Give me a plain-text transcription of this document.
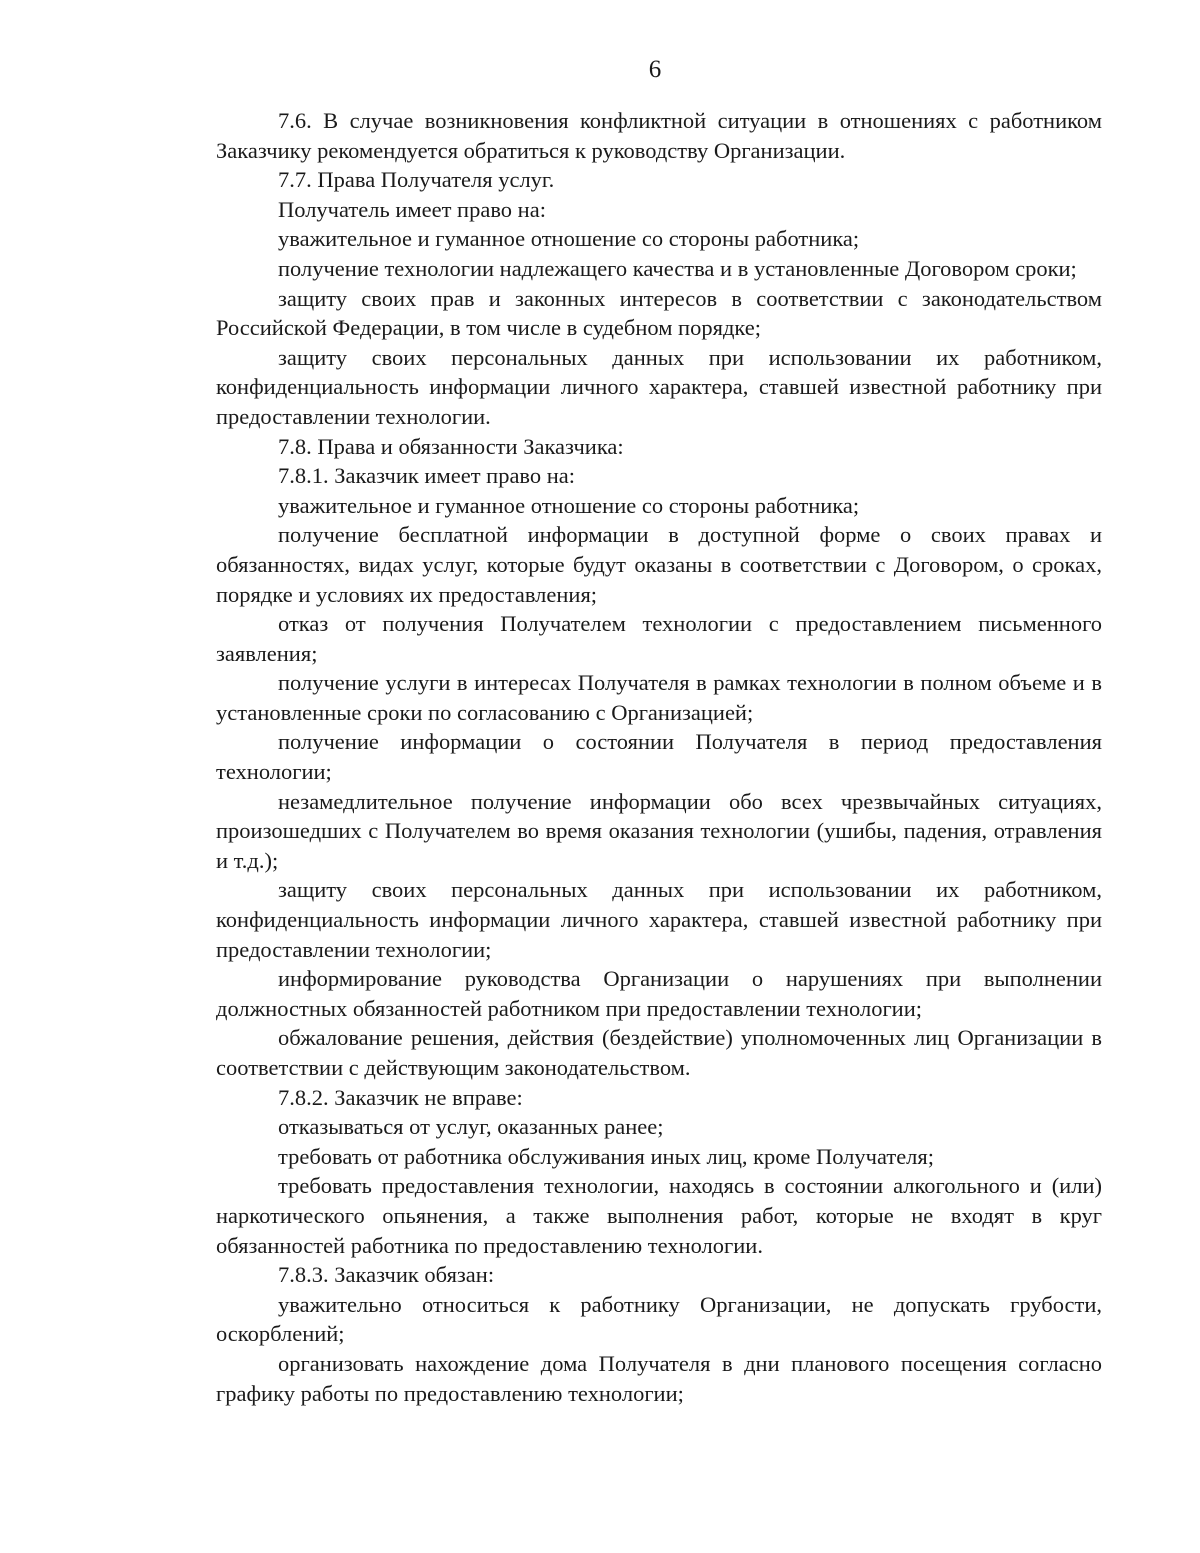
6

7.6. В случае возникновения конфликтной ситуации в отношениях с работником Заказчику рекомендуется обратиться к руководству Организации.

7.7. Права Получателя услуг.

Получатель имеет право на:

уважительное и гуманное отношение со стороны работника;

получение технологии надлежащего качества и в установленные Договором сроки;

защиту своих прав и законных интересов в соответствии с законодательством Российской Федерации, в том числе в судебном порядке;

защиту своих персональных данных при использовании их работником, конфиденциальность информации личного характера, ставшей известной работнику при предоставлении технологии.

7.8. Права и обязанности Заказчика:

7.8.1. Заказчик имеет право на:

уважительное и гуманное отношение со стороны работника;

получение бесплатной информации в доступной форме о своих правах и обязанностях, видах услуг, которые будут оказаны в соответствии с Договором, о сроках, порядке и условиях их предоставления;

отказ от получения Получателем технологии с предоставлением письменного заявления;

получение услуги в интересах Получателя в рамках технологии в полном объеме и в установленные сроки по согласованию с Организацией;

получение информации о состоянии Получателя в период предоставления технологии;

незамедлительное получение информации обо всех чрезвычайных ситуациях, произошедших с Получателем во время оказания технологии (ушибы, падения, отравления и т.д.);

защиту своих персональных данных при использовании их работником, конфиденциальность информации личного характера, ставшей известной работнику при предоставлении технологии;

информирование руководства Организации о нарушениях при выполнении должностных обязанностей работником при предоставлении технологии;

обжалование решения, действия (бездействие) уполномоченных лиц Организации в соответствии с действующим законодательством.

7.8.2. Заказчик не вправе:

отказываться от услуг, оказанных ранее;

требовать от работника обслуживания иных лиц, кроме Получателя;

требовать предоставления технологии, находясь в состоянии алкогольного и (или) наркотического опьянения, а также выполнения работ, которые не входят в круг обязанностей работника по предоставлению технологии.

7.8.3. Заказчик обязан:

уважительно относиться к работнику Организации, не допускать грубости, оскорблений;

организовать нахождение дома Получателя в дни планового посещения согласно графику работы по предоставлению технологии;
